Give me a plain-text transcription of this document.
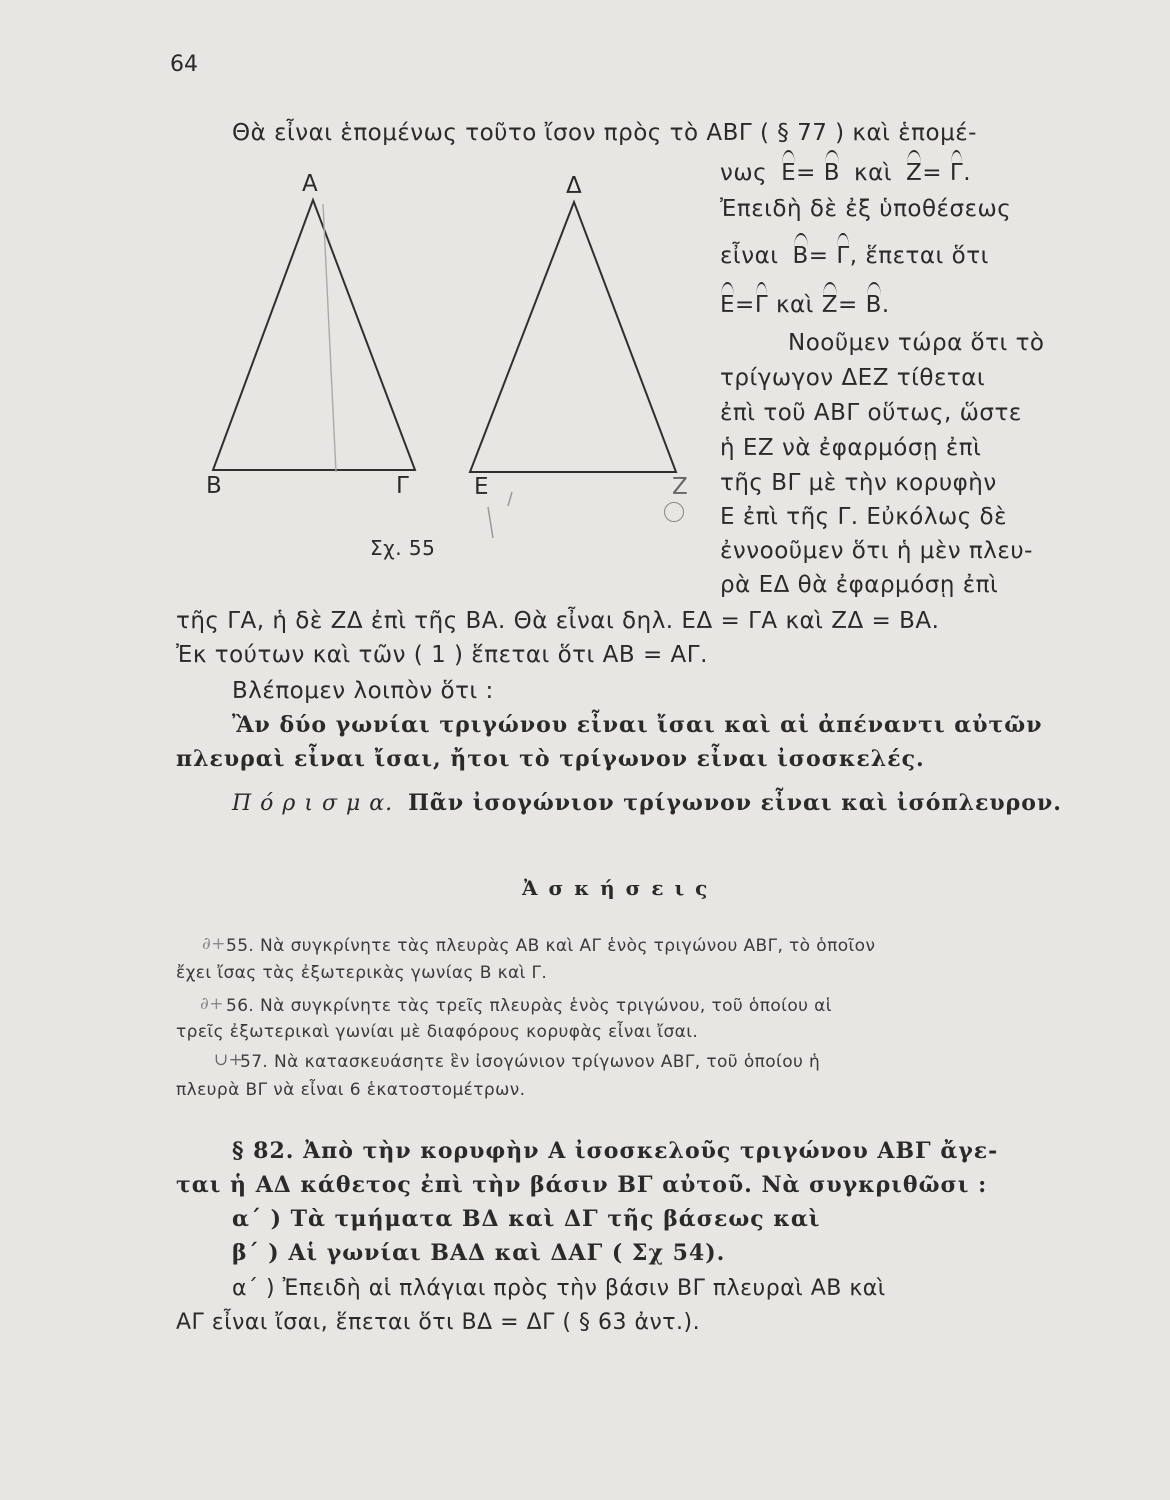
64
Θὰ εἶναι ἑπομένως τοῦτο ἴσον πρὸς τὸ ΑΒΓ ( § 77 ) καὶ ἑπομέ-
νως Ε= Β καὶ Ζ= Γ.
Ἐπειδὴ δὲ ἐξ ὑποθέσεως
εἶναι Β= Γ, ἕπεται ὅτι
Ε=Γ καὶ Ζ= Β.
Νοοῦμεν τώρα ὅτι τὸ
τρίγωγον ΔΕΖ τίθεται
ἐπὶ τοῦ ΑΒΓ οὕτως, ὥστε
ἡ ΕΖ νὰ ἐφαρμόσῃ ἐπὶ
τῆς ΒΓ μὲ τὴν κορυφὴν
Ε ἐπὶ τῆς Γ. Εὐκόλως δὲ
ἐννοοῦμεν ὅτι ἡ μὲν πλευ-
ρὰ ΕΔ θὰ ἐφαρμόσῃ ἐπὶ
τῆς ΓΑ, ἡ δὲ ΖΔ ἐπὶ τῆς ΒΑ. Θὰ εἶναι δηλ. ΕΔ = ΓΑ καὶ ΖΔ = ΒΑ.
Ἐκ τούτων καὶ τῶν ( 1 ) ἕπεται ὅτι ΑΒ = ΑΓ.
Βλέπομεν λοιπὸν ὅτι :
Ἂν δύο γωνίαι τριγώνου εἶναι ἴσαι καὶ αἱ ἀπέναντι αὐτῶν
πλευραὶ εἶναι ἴσαι, ἤτοι τὸ τρίγωνον εἶναι ἰσοσκελές.
Π ό ρ ι σ μ α. Πᾶν ἰσογώνιον τρίγωνον εἶναι καὶ ἰσόπλευρον.
Ἀ σ κ ή σ ε ι ς
∂+ 55. Νὰ συγκρίνητε τὰς πλευρὰς ΑΒ καὶ ΑΓ ἑνὸς τριγώνου ΑΒΓ, τὸ ὁποῖον
ἔχει ἴσας τὰς ἐξωτερικὰς γωνίας Β καὶ Γ.
∂+ 56. Νὰ συγκρίνητε τὰς τρεῖς πλευρὰς ἑνὸς τριγώνου, τοῦ ὁποίου αἱ
τρεῖς ἐξωτερικαὶ γωνίαι μὲ διαφόρους κορυφὰς εἶναι ἴσαι.
∪+
57. Νὰ κατασκευάσητε ἓν ἰσογώνιον τρίγωνον ΑΒΓ, τοῦ ὁποίου ἡ
πλευρὰ ΒΓ νὰ εἶναι 6 ἑκατοστομέτρων.
§ 82. Ἀπὸ τὴν κορυφὴν Α ἰσοσκελοῦς τριγώνου ΑΒΓ ἄγε-
ται ἡ ΑΔ κάθετος ἐπὶ τὴν βάσιν ΒΓ αὐτοῦ. Νὰ συγκριθῶσι :
α΄ ) Τὰ τμήματα ΒΔ καὶ ΔΓ τῆς βάσεως καὶ
β΄ ) Αἱ γωνίαι ΒΑΔ καὶ ΔΑΓ ( Σχ 54).
α΄ ) Ἐπειδὴ αἱ πλάγιαι πρὸς τὴν βάσιν ΒΓ πλευραὶ ΑΒ καὶ
ΑΓ εἶναι ἴσαι, ἕπεται ὅτι ΒΔ = ΔΓ ( § 63 ἀντ.).
Α
Β	Γ
Δ
Ε	Ζ
Σχ. 55
